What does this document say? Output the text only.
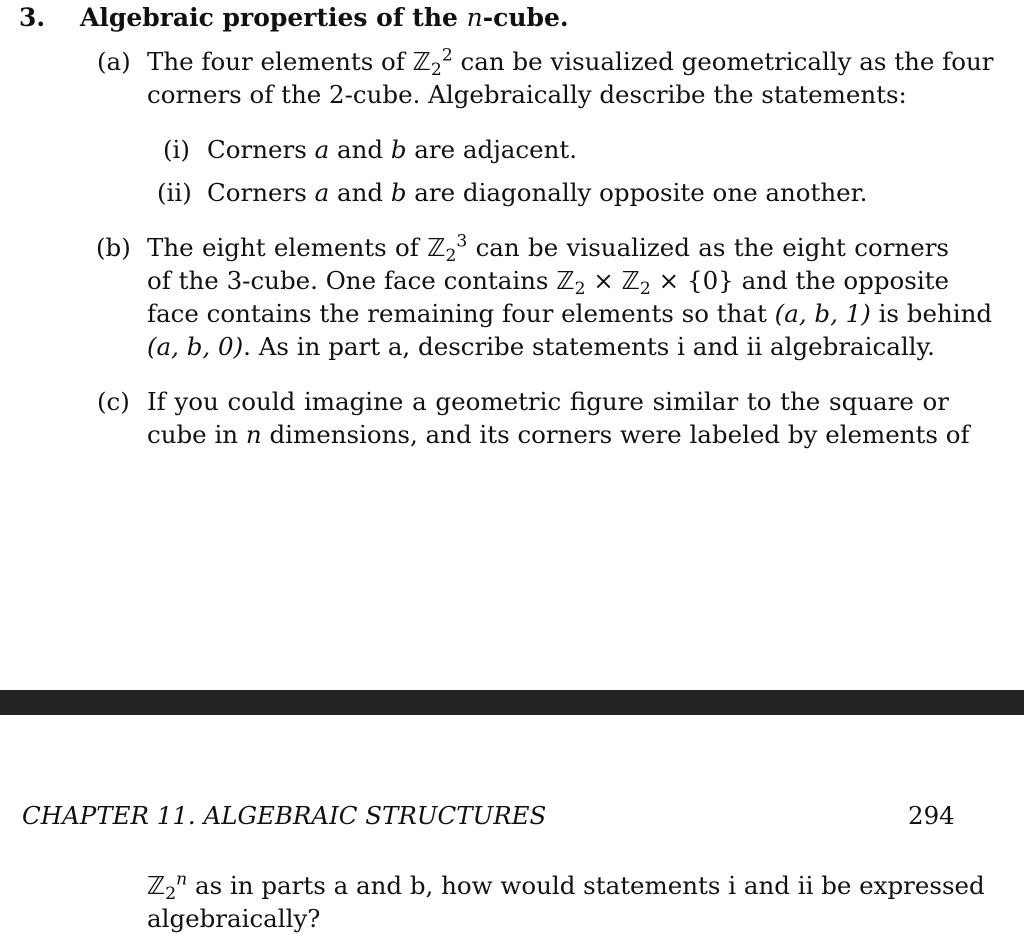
3. Algebraic properties of the n-cube.
(a) The four elements of ℤ$_2^2$ can be visualized geometrically as the four
corners of the 2-cube. Algebraically describe the statements:
(i) Corners a and b are adjacent.
(ii) Corners a and b are diagonally opposite one another.
(b) The eight elements of ℤ$_2^3$ can be visualized as the eight corners
of the 3-cube. One face contains ℤ$_2$ × ℤ$_2$ × {0} and the opposite
face contains the remaining four elements so that (a, b, 1) is behind
(a, b, 0). As in part a, describe statements i and ii algebraically.
(c) If you could imagine a geometric figure similar to the square or
cube in n dimensions, and its corners were labeled by elements of
CHAPTER 11. ALGEBRAIC STRUCTURES	294
ℤ$_2^n$ as in parts a and b, how would statements i and ii be expressed
algebraically?
